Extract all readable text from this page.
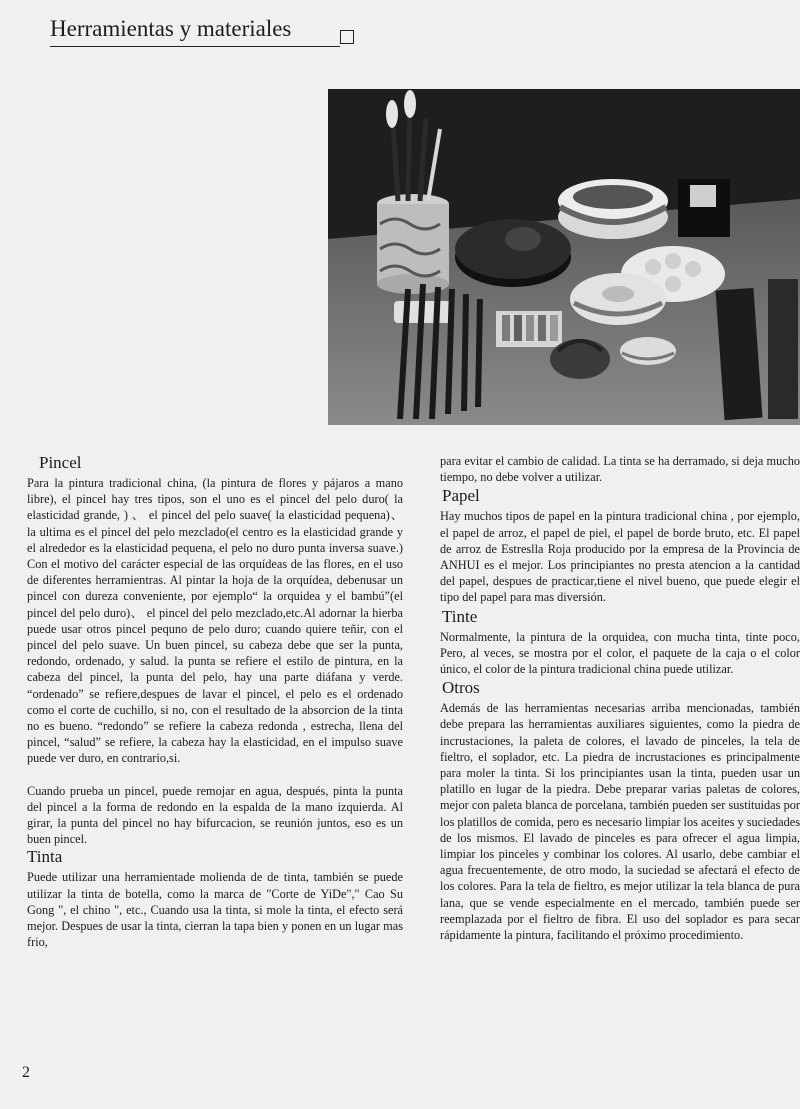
Herramientas y materiales
Pincel

Para la pintura tradicional china, (la pintura de flores y pájaros a mano libre), el pincel hay tres tipos, son el uno es el pincel del pelo duro( la elasticidad grande, ) 、 el pincel del pelo suave( la elasticidad pequena)、 la ultima es el pincel del pelo mezclado(el centro es la elasticidad grande y el alrededor es la elasticidad pequena, el pelo no duro punta inversa suave.) Con el motivo del carácter especial de las orquídeas de las flores, en el uso de diferentes herramientras. Al pintar la hoja de la orquídea, debenusar un pincel con dureza conveniente, por ejemplo“ la orquidea y el bambú”(el pincel del pelo duro)、 el pincel del pelo mezclado,etc.Al adornar la hierba puede usar otros pincel pequno de pelo duro; cuando quiere teñir, con el pincel del pelo suave. Un buen pincel, su cabeza debe que ser la punta, redondo, ordenado, y salud. la punta se refiere el estilo de pintura, en la cabeza del pincel, la punta del pelo, hay una parte diáfana y verde. “ordenado” se refiere,despues de lavar el pincel, el pelo es el ordenado como el corte de cuchillo, si no, con el resultado de la absorcion de la tinta no es bueno. “redondo” se refiere la cabeza redonda , estrecha, llena del pincel, “salud” se refiere, la cabeza hay la elasticidad, en el impulso suave puede ver duro, en contrario,si.

Cuando prueba un pincel, puede remojar en agua, después, pinta la punta del pincel a la forma de redondo en la espalda de la mano izquierda. Al girar, la punta del pincel no hay bifurcacion, se reunión juntos, eso es un buen pincel.

Tinta

Puede utilizar una herramientade molienda de de tinta, también se puede utilizar la tinta de botella, como la marca de "Corte de YiDe"," Cao Su Gong ", el chino ", etc., Cuando usa la tinta, si mole la tinta, el efecto será mejor. Despues de usar la tinta, cierran la tapa bien y ponen en un lugar mas frio,

para evitar el cambio de calidad. La tinta se ha derramado, si deja mucho tiempo, no debe volver a utilizar.

Papel

Hay muchos tipos de papel en la pintura tradicional china , por ejemplo, el papel de arroz, el papel de piel, el papel de borde bruto, etc. El papel de arroz de Estreslla Roja producido por la empresa de la Provincia de ANHUI es el mejor. Los principiantes no presta atencion a la cantidad del papel, despues de practicar,tiene el nivel bueno, que puede elegir el tipo del papel para mas diversión.

Tinte

Normalmente, la pintura de la orquidea, con mucha tinta, tinte poco, Pero, al veces, se mostra por el color, el paquete de la caja o el color único, el color de la pintura tradicional china puede utilizar.

Otros

Además de las herramientas necesarias arriba mencionadas, también debe prepara las herramientas auxiliares siguientes, como la piedra de incrustaciones, la paleta de colores, el lavado de pinceles, la tela de fieltro, el soplador, etc. La piedra de incrustaciones es principalmente para moler la tinta. Si los principiantes usan la tinta, pueden usar un platillo en lugar de la piedra. Debe preparar varias paletas de colores, mejor con paleta blanca de porcelana, también pueden ser sustituidas por los platillos de comida, pero es necesario limpiar los aceites y suciedades de los mismos. El lavado de pinceles es para ofrecer el agua limpia, limpiar los pinceles y combinar los colores. Al usarlo, debe cambiar el agua frecuentemente, de otro modo, la suciedad se afectará el efecto de los colores. Para la tela de fieltro, es mejor utilizar la tela blanca de pura lana, que se vende especialmente en el mercado, también puede ser reemplazada por el fieltro de fibra. El uso del soplador es para secar rápidamente la pintura, facilitando el próximo procedimiento.

2
